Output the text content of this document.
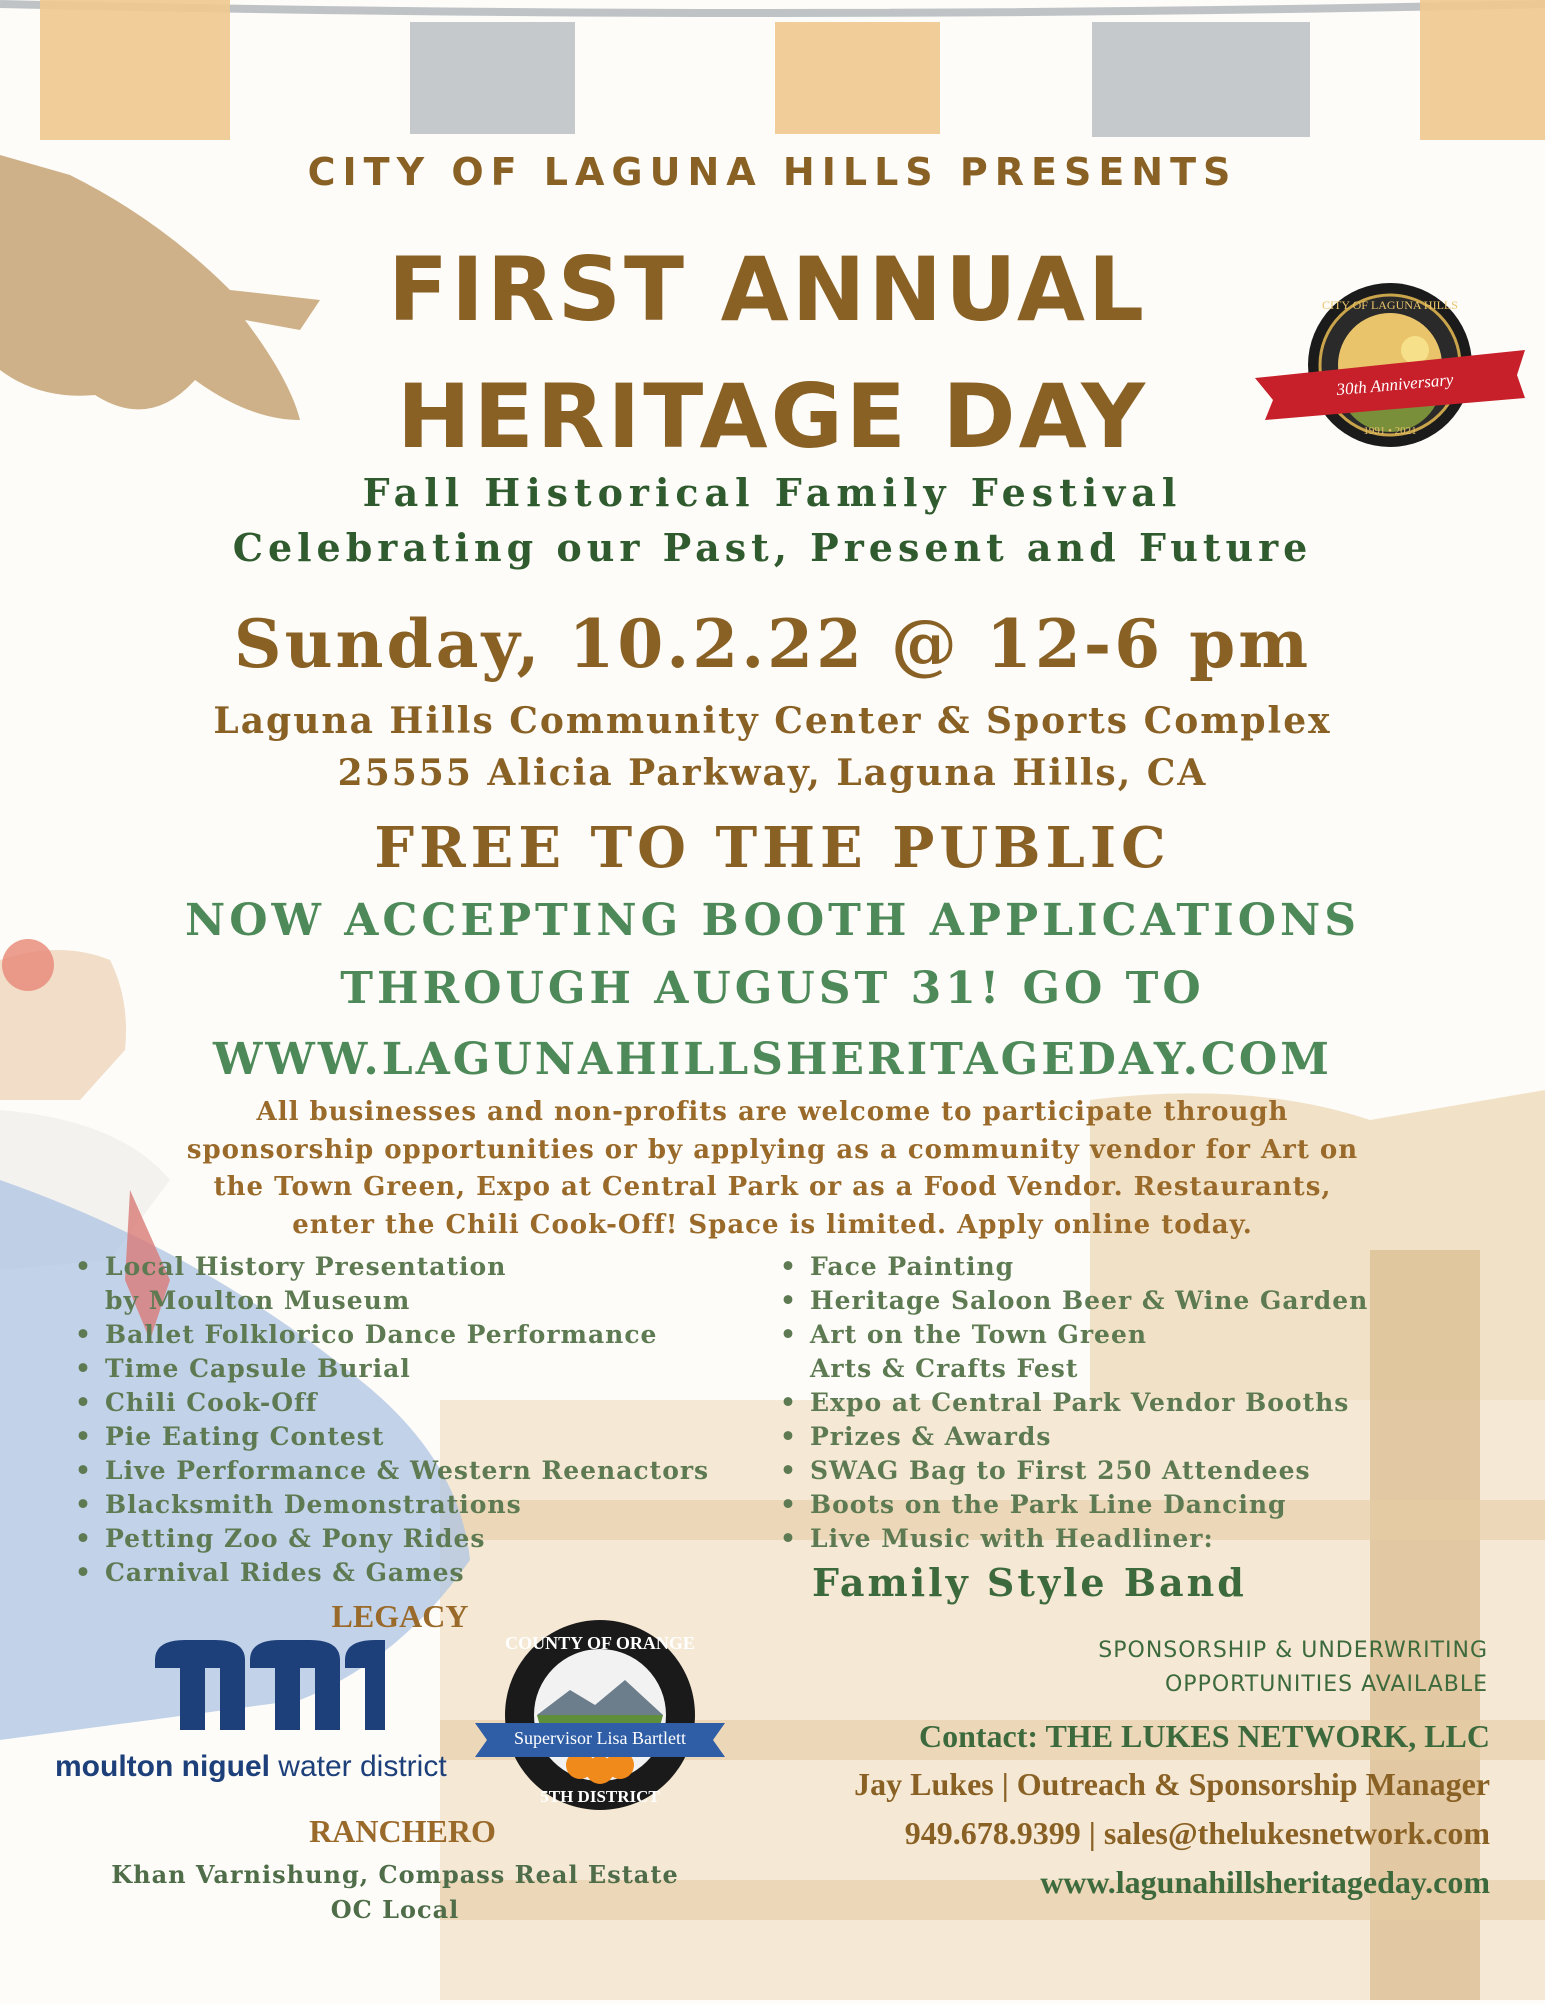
CITY OF LAGUNA HILLS PRESENTS
FIRST ANNUAL
HERITAGE DAY
CITY OF LAGUNA HILLS
30th Anniversary
1991 • 2021
Fall Historical Family Festival
Celebrating our Past, Present and Future
Sunday, 10.2.22 @ 12-6 pm
Laguna Hills Community Center & Sports Complex
25555 Alicia Parkway, Laguna Hills, CA
FREE TO THE PUBLIC
NOW ACCEPTING BOOTH APPLICATIONS
THROUGH AUGUST 31! GO TO
WWW.LAGUNAHILLSHERITAGEDAY.COM
All businesses and non-profits are welcome to participate through
sponsorship opportunities or by applying as a community vendor for Art on
the Town Green, Expo at Central Park or as a Food Vendor. Restaurants,
enter the Chili Cook-Off! Space is limited. Apply online today.
• Local History Presentation
by Moulton Museum
• Ballet Folklorico Dance Performance
• Time Capsule Burial
• Chili Cook-Off
• Pie Eating Contest
• Live Performance & Western Reenactors
• Blacksmith Demonstrations
• Petting Zoo & Pony Rides
• Carnival Rides & Games
• Face Painting
• Heritage Saloon Beer & Wine Garden
• Art on the Town Green
Arts & Crafts Fest
• Expo at Central Park Vendor Booths
• Prizes & Awards
• SWAG Bag to First 250 Attendees
• Boots on the Park Line Dancing
• Live Music with Headliner:
Family Style Band
LEGACY
moulton niguel water district
COUNTY OF ORANGE
Supervisor Lisa Bartlett
5TH DISTRICT
RANCHERO
Khan Varnishung, Compass Real Estate
OC Local
SPONSORSHIP & UNDERWRITING
OPPORTUNITIES AVAILABLE
Contact: THE LUKES NETWORK, LLC
Jay Lukes | Outreach & Sponsorship Manager
949.678.9399 | sales@thelukesnetwork.com
www.lagunahillsheritageday.com
